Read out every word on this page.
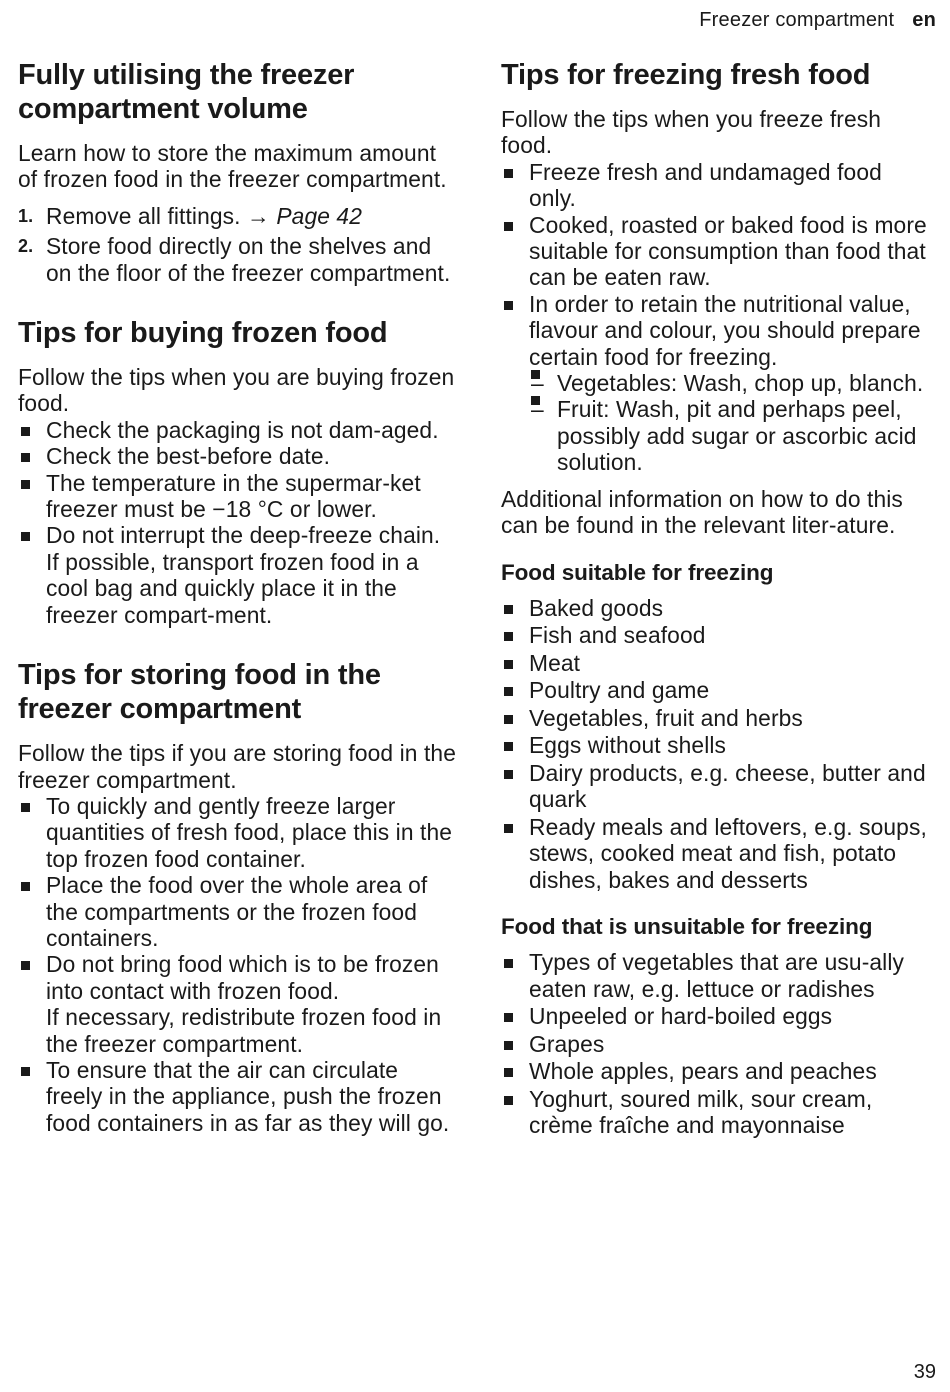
Freezer compartment en
Fully utilising the freezer compartment volume

Learn how to store the maximum amount of frozen food in the freezer compartment.

1. Remove all fittings. → Page 42
2. Store food directly on the shelves and on the floor of the freezer compartment.
Tips for buying frozen food

Follow the tips when you are buying frozen food.

Check the packaging is not dam-aged.
Check the best-before date.
The temperature in the supermar-ket freezer must be −18 °C or lower.
Do not interrupt the deep-freeze chain. If possible, transport frozen food in a cool bag and quickly place it in the freezer compart-ment.
Tips for storing food in the freezer compartment

Follow the tips if you are storing food in the freezer compartment.

To quickly and gently freeze larger quantities of fresh food, place this in the top frozen food container.
Place the food over the whole area of the compartments or the frozen food containers.
Do not bring food which is to be frozen into contact with frozen food.
If necessary, redistribute frozen food in the freezer compartment.
To ensure that the air can circulate freely in the appliance, push the frozen food containers in as far as they will go.
Tips for freezing fresh food

Follow the tips when you freeze fresh food.

Freeze fresh and undamaged food only.
Cooked, roasted or baked food is more suitable for consumption than food that can be eaten raw.
In order to retain the nutritional value, flavour and colour, you should prepare certain food for freezing.
– Vegetables: Wash, chop up, blanch.
– Fruit: Wash, pit and perhaps peel, possibly add sugar or ascorbic acid solution.

Additional information on how to do this can be found in the relevant liter-ature.

Food suitable for freezing
Baked goods
Fish and seafood
Meat
Poultry and game
Vegetables, fruit and herbs
Eggs without shells
Dairy products, e.g. cheese, butter and quark
Ready meals and leftovers, e.g. soups, stews, cooked meat and fish, potato dishes, bakes and desserts
Food that is unsuitable for freezing
Types of vegetables that are usu-ally eaten raw, e.g. lettuce or radishes
Unpeeled or hard-boiled eggs
Grapes
Whole apples, pears and peaches
Yoghurt, soured milk, sour cream, crème fraîche and mayonnaise
39
